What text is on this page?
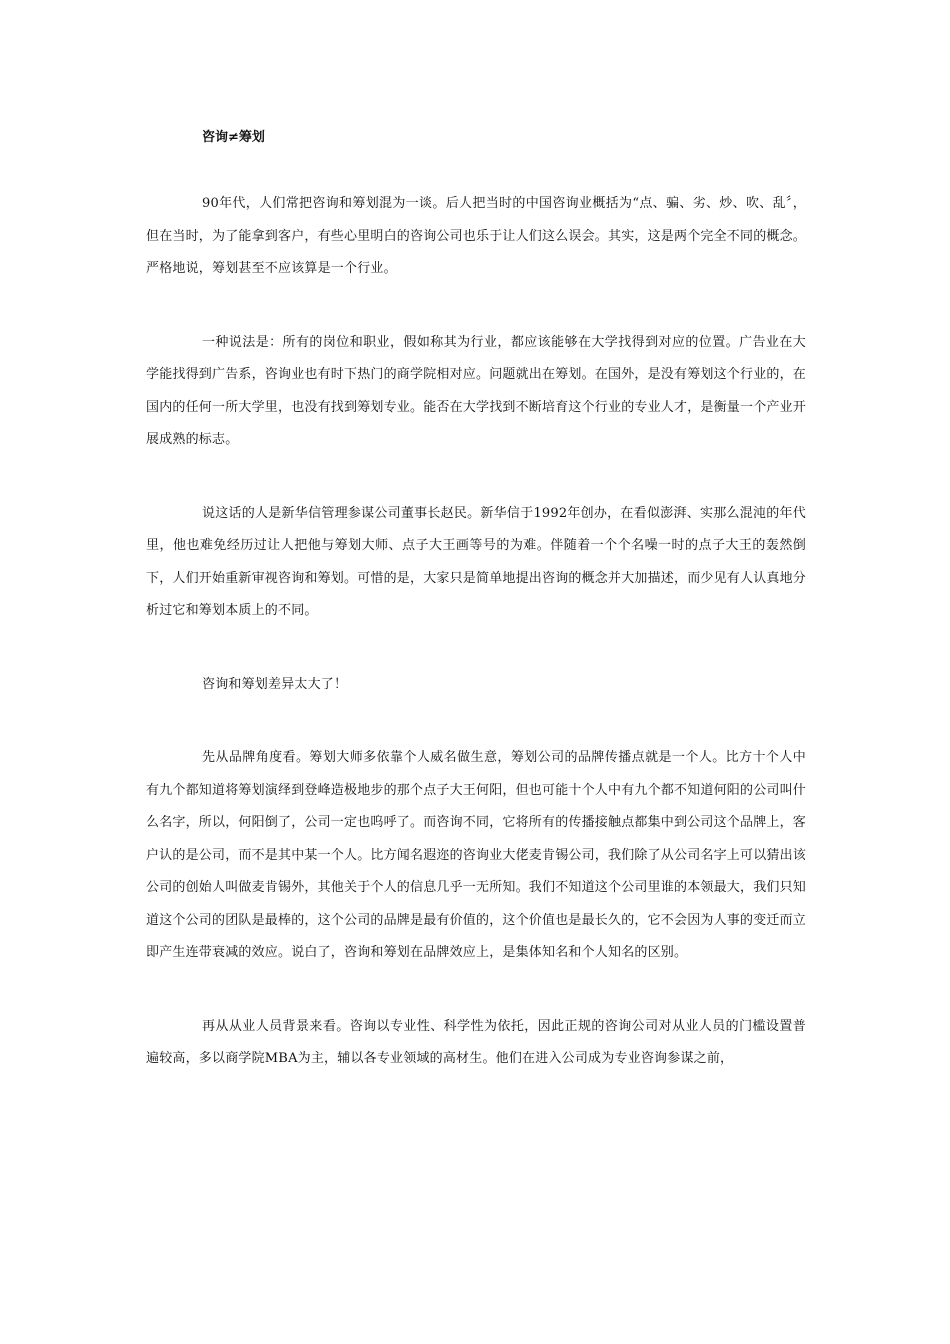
咨询≠筹划

90年代，人们常把咨询和筹划混为一谈。后人把当时的中国咨询业概括为“点、骗、劣、炒、吹、乱〞，但在当时，为了能拿到客户，有些心里明白的咨询公司也乐于让人们这么误会。其实，这是两个完全不同的概念。严格地说，筹划甚至不应该算是一个行业。

一种说法是：所有的岗位和职业，假如称其为行业，都应该能够在大学找得到对应的位置。广告业在大学能找得到广告系，咨询业也有时下热门的商学院相对应。问题就出在筹划。在国外，是没有筹划这个行业的，在国内的任何一所大学里，也没有找到筹划专业。能否在大学找到不断培育这个行业的专业人才，是衡量一个产业开展成熟的标志。

说这话的人是新华信管理参谋公司董事长赵民。新华信于1992年创办，在看似澎湃、实那么混沌的年代里，他也难免经历过让人把他与筹划大师、点子大王画等号的为难。伴随着一个个名噪一时的点子大王的轰然倒下，人们开始重新审视咨询和筹划。可惜的是，大家只是简单地提出咨询的概念并大加描述，而少见有人认真地分析过它和筹划本质上的不同。

咨询和筹划差异太大了！

先从品牌角度看。筹划大师多依靠个人威名做生意，筹划公司的品牌传播点就是一个人。比方十个人中有九个都知道将筹划演绎到登峰造极地步的那个点子大王何阳，但也可能十个人中有九个都不知道何阳的公司叫什么名字，所以，何阳倒了，公司一定也呜呼了。而咨询不同，它将所有的传播接触点都集中到公司这个品牌上，客户认的是公司，而不是其中某一个人。比方闻名遐迩的咨询业大佬麦肯锡公司，我们除了从公司名字上可以猜出该公司的创始人叫做麦肯锡外，其他关于个人的信息几乎一无所知。我们不知道这个公司里谁的本领最大，我们只知道这个公司的团队是最棒的，这个公司的品牌是最有价值的，这个价值也是最长久的，它不会因为人事的变迁而立即产生连带衰减的效应。说白了，咨询和筹划在品牌效应上，是集体知名和个人知名的区别。

再从从业人员背景来看。咨询以专业性、科学性为依托，因此正规的咨询公司对从业人员的门槛设置普遍较高，多以商学院MBA为主，辅以各专业领域的高材生。他们在进入公司成为专业咨询参谋之前，
